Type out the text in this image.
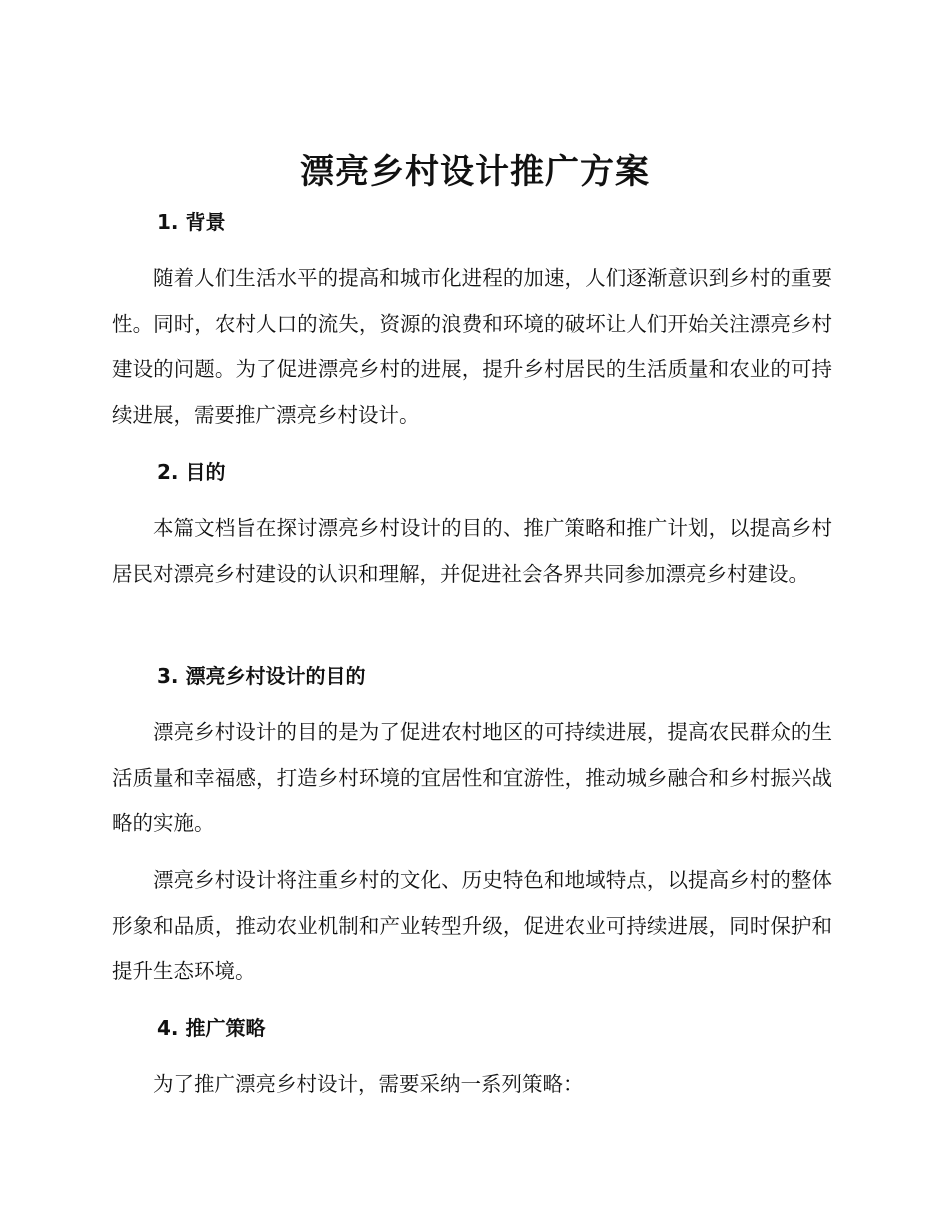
漂亮乡村设计推广方案
1. 背景

随着人们生活水平的提高和城市化进程的加速，人们逐渐意识到乡村的重要性。同时，农村人口的流失，资源的浪费和环境的破坏让人们开始关注漂亮乡村建设的问题。为了促进漂亮乡村的进展，提升乡村居民的生活质量和农业的可持续进展，需要推广漂亮乡村设计。

2. 目的

本篇文档旨在探讨漂亮乡村设计的目的、推广策略和推广计划，以提高乡村居民对漂亮乡村建设的认识和理解，并促进社会各界共同参加漂亮乡村建设。

3. 漂亮乡村设计的目的

漂亮乡村设计的目的是为了促进农村地区的可持续进展，提高农民群众的生活质量和幸福感，打造乡村环境的宜居性和宜游性，推动城乡融合和乡村振兴战略的实施。

漂亮乡村设计将注重乡村的文化、历史特色和地域特点，以提高乡村的整体形象和品质，推动农业机制和产业转型升级，促进农业可持续进展，同时保护和提升生态环境。

4. 推广策略

为了推广漂亮乡村设计，需要采纳一系列策略：
